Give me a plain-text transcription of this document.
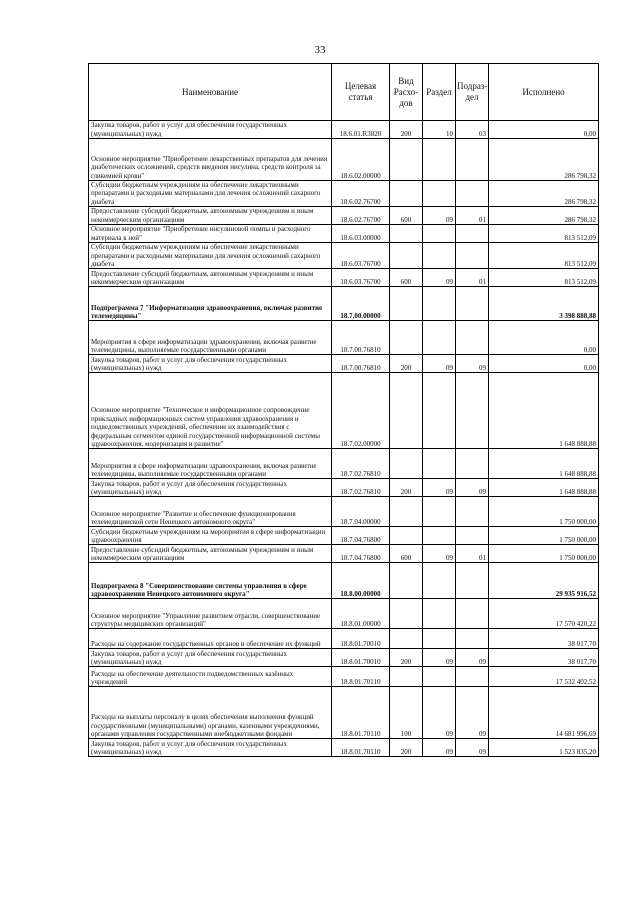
33
Наименование	Целевая статья	Вид Расхо-дов	Раздел	Подраз-дел	Исполнено
Закупка товаров, работ и услуг для обеспечения государственных (муниципальных) нужд	18.6.01.R3820	200	10	03	0,00
Основное мероприятие "Приобретение лекарственных препаратов для лечения диабетических осложнений, средств введения инсулина, средств контроля за гликемией крови"	18.6.02.00000				286 798,32
Субсидии бюджетным учреждениям на обеспечение лекарственными препаратами и расходными материалами для лечения осложнений сахарного диабета	18.6.02.76700				286 798,32
Предоставление субсидий бюджетным, автономным учреждениям и иным некоммерческим организациям	18.6.02.76700	600	09	01	286 798,32
Основное мероприятие "Приобретение инсулиновой помпы и расходного материала к ней"	18.6.03.00000				813 512,09
Субсидии бюджетным учреждениям на обеспечение лекарственными препаратами и расходными материалами для лечения осложнений сахарного диабета	18.6.03.76700				813 512,09
Предоставление субсидий бюджетным, автономным учреждениям и иным некоммерческим организациям	18.6.03.76700	600	09	01	813 512,09
Подпрограмма 7 "Информатизация здравоохранения, включая развитие телемедицины"	18.7.00.00000				3 398 888,88
Мероприятия в сфере информатизации здравоохранения, включая развитие телемедицины, выполняемые государственными органами	18.7.00.76810				0,00
Закупка товаров, работ и услуг для обеспечения государственных (муниципальных) нужд	18.7.00.76810	200	09	09	0,00
Основное мероприятие "Техническое и информационное сопровождение прикладных информационных систем управления здравоохранения и подведомственных учреждений, обеспечение их взаимодействия с федеральным сегментом единой государственной информационной системы здравоохранения, модернизация и развитие"	18.7.02.00000				1 648 888,88
Мероприятия в сфере информатизации здравоохранения, включая развитие телемедицины, выполняемые государственными органами	18.7.02.76810				1 648 888,88
Закупка товаров, работ и услуг для обеспечения государственных (муниципальных) нужд	18.7.02.76810	200	09	09	1 648 888,88
Основное мероприятие "Развитие и обеспечение функционирования телемедицинской сети Ненецкого автономного округа"	18.7.04.00000				1 750 000,00
Субсидии бюджетным учреждениям на мероприятия в сфере информатизации здравоохранения	18.7.04.76800				1 750 000,00
Предоставление субсидий бюджетным, автономным учреждениям и иным некоммерческим организациям	18.7.04.76800	600	09	01	1 750 000,00
Подпрограмма 8 "Совершенствование системы управления в сфере здравоохранения Ненецкого автономного округа"	18.8.00.00000				29 935 916,52
Основное мероприятие "Управление развитием отрасли, совершенствование структуры медицинских организаций"	18.8.01.00000				17 570 420,22
Расходы на содержание государственных органов и обеспечение их функций	18.8.01.70010				38 017,70
Закупка товаров, работ и услуг для обеспечения государственных (муниципальных) нужд	18.8.01.70010	200	09	09	38 017,70
Расходы на обеспечение деятельности подведомственных казённых учреждений	18.8.01.70110				17 532 402,52
Расходы на выплаты персоналу в целях обеспечения выполнения функций государственными (муниципальными) органами, казенными учреждениями, органами управления государственными внебюджетными фондами	18.8.01.70110	100	09	09	14 681 996,69
Закупка товаров, работ и услуг для обеспечения государственных (муниципальных) нужд	18.8.01.70110	200	09	09	1 523 835,20
